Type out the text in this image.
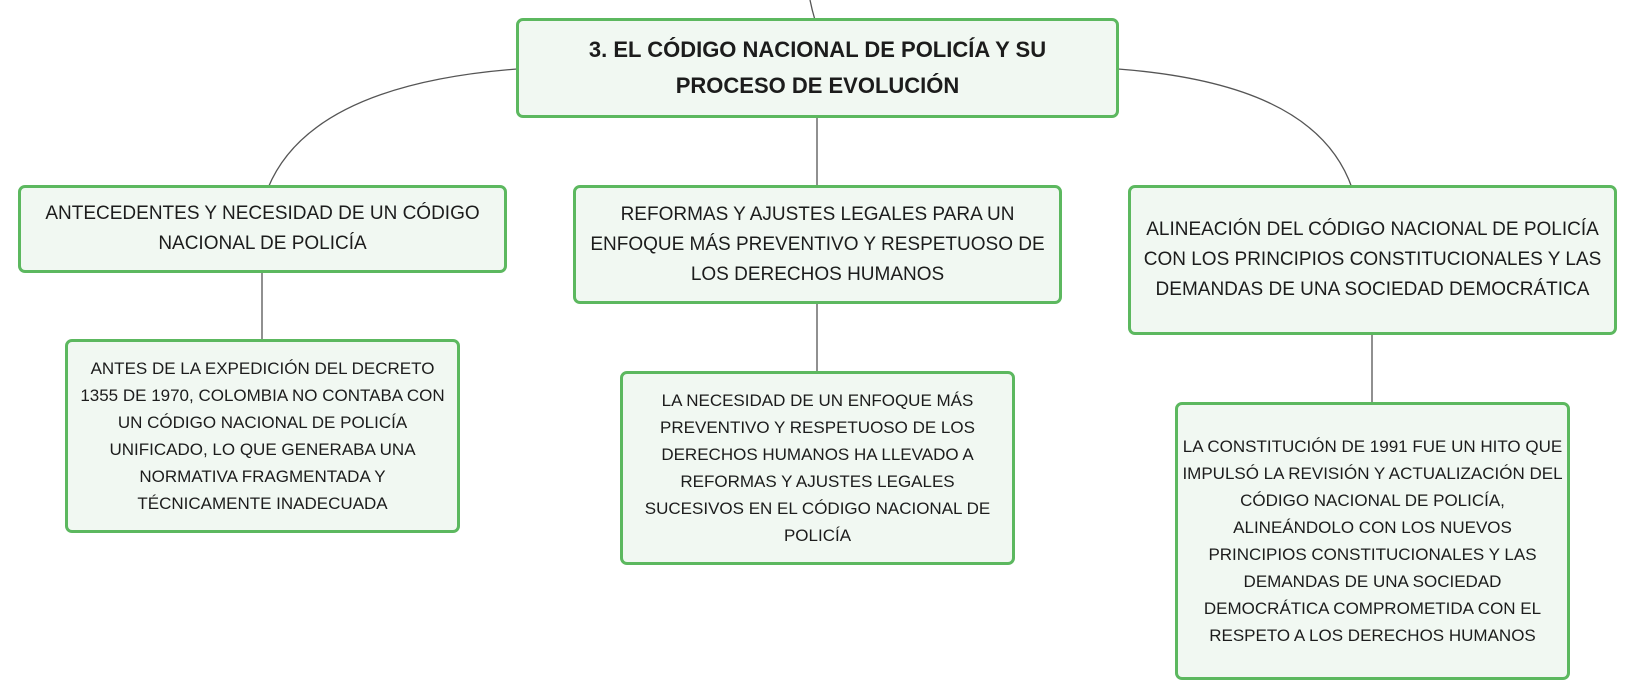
3. EL CÓDIGO NACIONAL DE POLICÍA Y SU PROCESO DE EVOLUCIÓN
ANTECEDENTES Y NECESIDAD DE UN CÓDIGO NACIONAL DE POLICÍA
REFORMAS Y AJUSTES LEGALES PARA UN ENFOQUE MÁS PREVENTIVO Y RESPETUOSO DE LOS DERECHOS HUMANOS
ALINEACIÓN DEL CÓDIGO NACIONAL DE POLICÍA CON LOS PRINCIPIOS CONSTITUCIONALES Y LAS DEMANDAS DE UNA SOCIEDAD DEMOCRÁTICA
ANTES DE LA EXPEDICIÓN DEL DECRETO 1355 DE 1970, COLOMBIA NO CONTABA CON UN CÓDIGO NACIONAL DE POLICÍA UNIFICADO, LO QUE GENERABA UNA NORMATIVA FRAGMENTADA Y TÉCNICAMENTE INADECUADA
LA NECESIDAD DE UN ENFOQUE MÁS PREVENTIVO Y RESPETUOSO DE LOS DERECHOS HUMANOS HA LLEVADO A REFORMAS Y AJUSTES LEGALES SUCESIVOS EN EL CÓDIGO NACIONAL DE POLICÍA
LA CONSTITUCIÓN DE 1991 FUE UN HITO QUE IMPULSÓ LA REVISIÓN Y ACTUALIZACIÓN DEL CÓDIGO NACIONAL DE POLICÍA, ALINEÁNDOLO CON LOS NUEVOS PRINCIPIOS CONSTITUCIONALES Y LAS DEMANDAS DE UNA SOCIEDAD DEMOCRÁTICA COMPROMETIDA CON EL RESPETO A LOS DERECHOS HUMANOS
